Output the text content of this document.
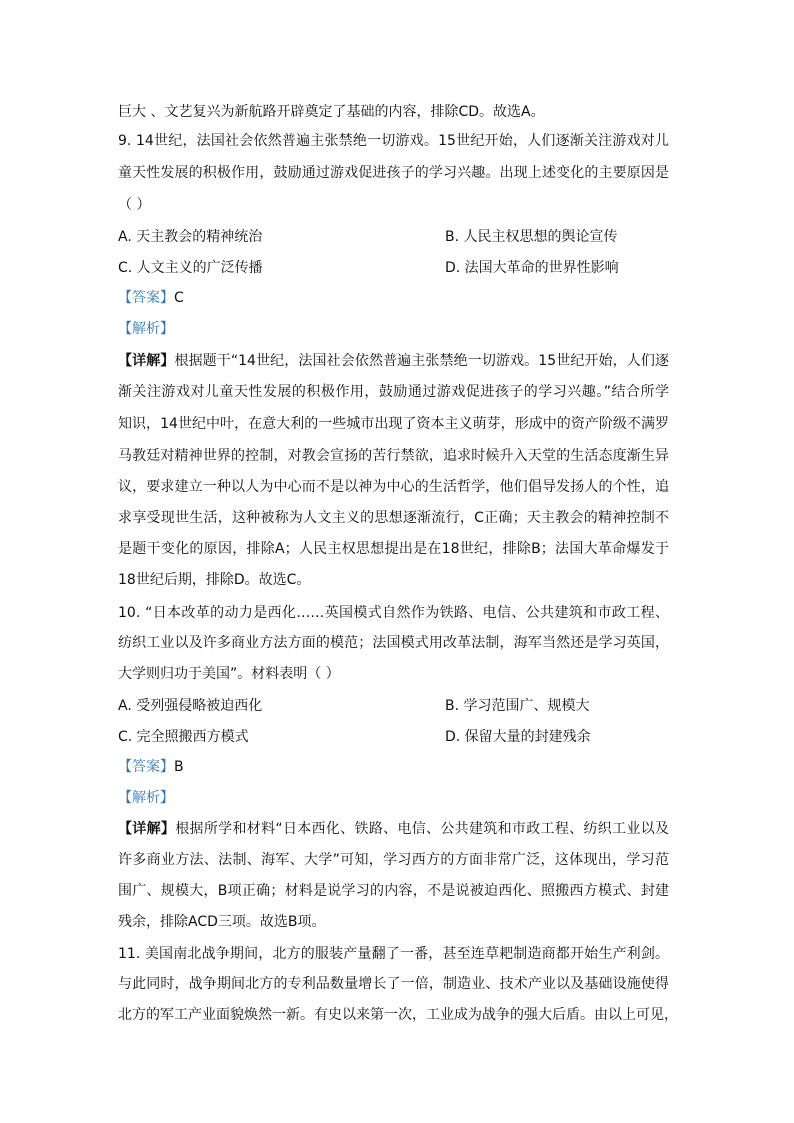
巨大 、文艺复兴为新航路开辟奠定了基础的内容，排除CD。故选A。
9. 14世纪，法国社会依然普遍主张禁绝一切游戏。15世纪开始，人们逐渐关注游戏对儿
童天性发展的积极作用，鼓励通过游戏促进孩子的学习兴趣。出现上述变化的主要原因是
（ ）
A. 天主教会的精神统治	B. 人民主权思想的舆论宣传
C. 人文主义的广泛传播	D. 法国大革命的世界性影响
【答案】C
【解析】
【详解】根据题干“14世纪，法国社会依然普遍主张禁绝一切游戏。15世纪开始，人们逐
渐关注游戏对儿童天性发展的积极作用，鼓励通过游戏促进孩子的学习兴趣。”结合所学
知识，14世纪中叶，在意大利的一些城市出现了资本主义萌芽，形成中的资产阶级不满罗
马教廷对精神世界的控制，对教会宣扬的苦行禁欲，追求时候升入天堂的生活态度渐生异
议，要求建立一种以人为中心而不是以神为中心的生活哲学，他们倡导发扬人的个性，追
求享受现世生活，这种被称为人文主义的思想逐渐流行，C正确；天主教会的精神控制不
是题干变化的原因，排除A；人民主权思想提出是在18世纪，排除B；法国大革命爆发于
18世纪后期，排除D。故选C。
10. “日本改革的动力是西化……英国模式自然作为铁路、电信、公共建筑和市政工程、
纺织工业以及许多商业方法方面的模范；法国模式用改革法制，海军当然还是学习英国，
大学则归功于美国”。材料表明（ ）
A. 受列强侵略被迫西化	B. 学习范围广、规模大
C. 完全照搬西方模式	D. 保留大量的封建残余
【答案】B
【解析】
【详解】根据所学和材料“日本西化、铁路、电信、公共建筑和市政工程、纺织工业以及
许多商业方法、法制、海军、大学”可知，学习西方的方面非常广泛，这体现出，学习范
围广、规模大，B项正确；材料是说学习的内容，不是说被迫西化、照搬西方模式、封建
残余，排除ACD三项。故选B项。
11. 美国南北战争期间，北方的服装产量翻了一番，甚至连草耙制造商都开始生产利剑。
与此同时，战争期间北方的专利品数量增长了一倍，制造业、技术产业以及基础设施使得
北方的军工产业面貌焕然一新。有史以来第一次，工业成为战争的强大后盾。由以上可见，
